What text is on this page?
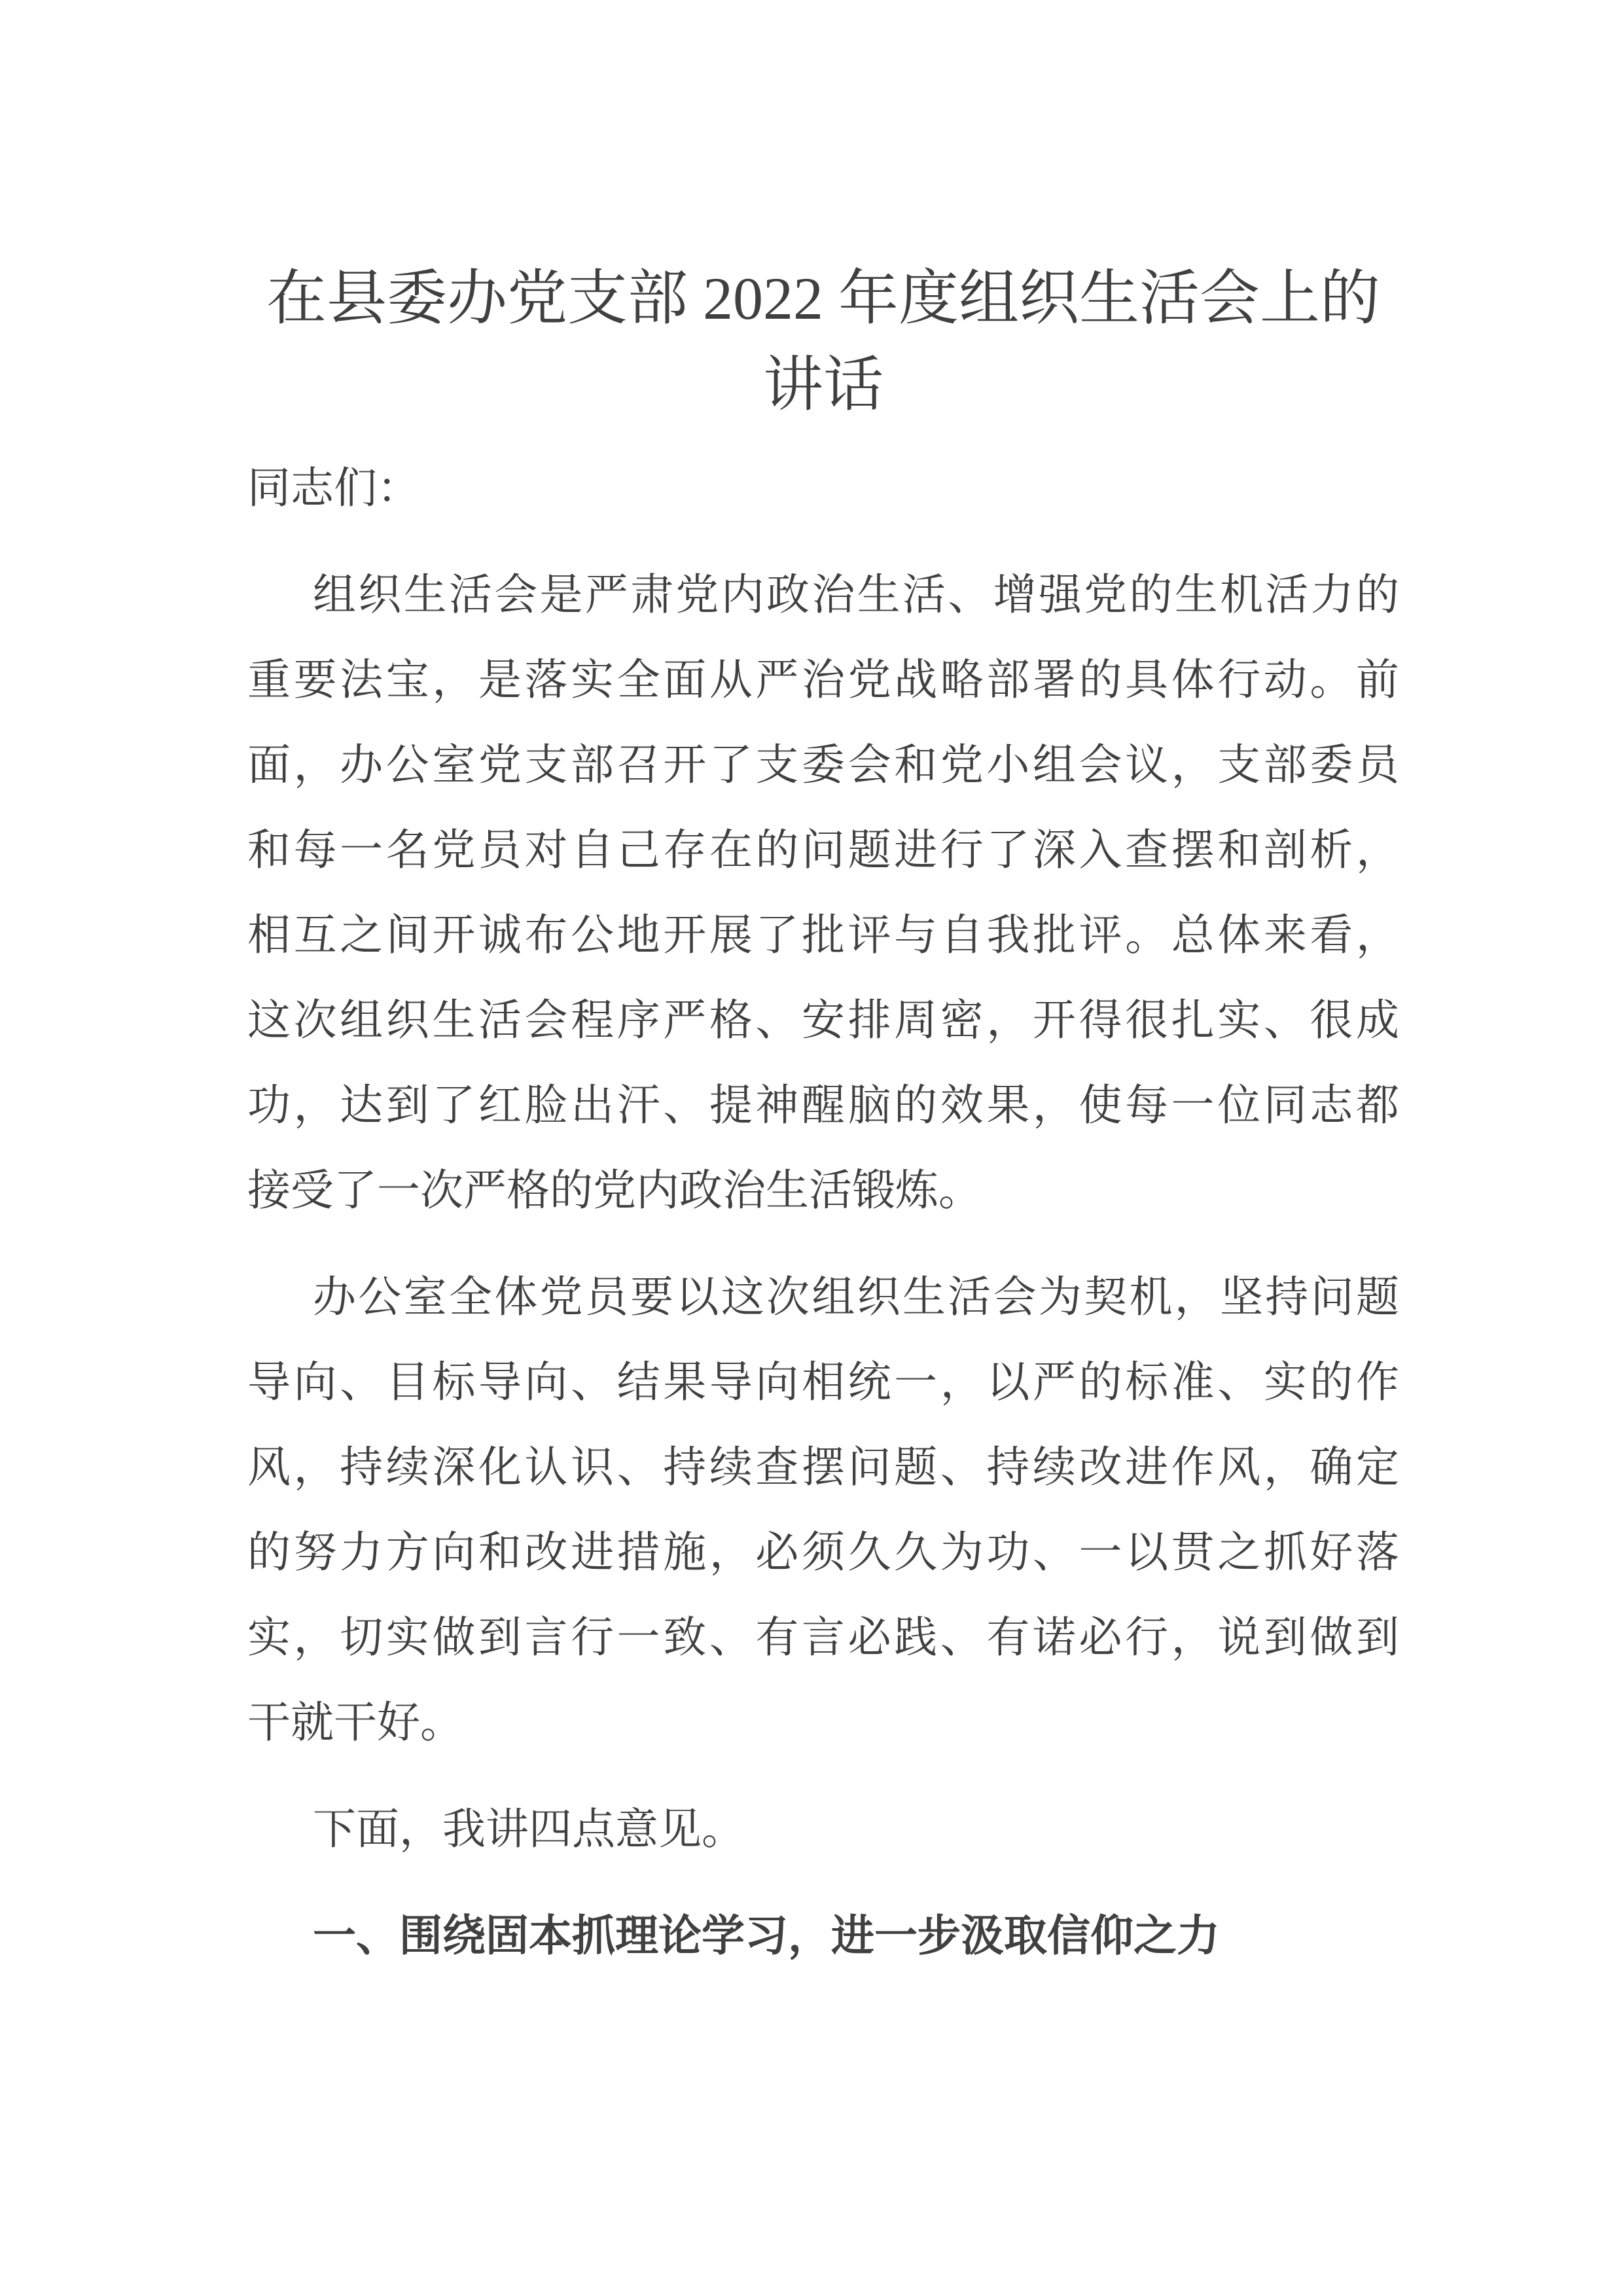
在县委办党支部 2022 年度组织生活会上的
讲话
同志们：
组织生活会是严肃党内政治生活、增强党的生机活力的
重要法宝，是落实全面从严治党战略部署的具体行动。前
面，办公室党支部召开了支委会和党小组会议，支部委员
和每一名党员对自己存在的问题进行了深入查摆和剖析，
相互之间开诚布公地开展了批评与自我批评。总体来看，
这次组织生活会程序严格、安排周密，开得很扎实、很成
功，达到了红脸出汗、提神醒脑的效果，使每一位同志都
接受了一次严格的党内政治生活锻炼。
办公室全体党员要以这次组织生活会为契机，坚持问题
导向、目标导向、结果导向相统一，以严的标准、实的作
风，持续深化认识、持续查摆问题、持续改进作风，确定
的努力方向和改进措施，必须久久为功、一以贯之抓好落
实，切实做到言行一致、有言必践、有诺必行，说到做到
干就干好。
下面，我讲四点意见。
一、围绕固本抓理论学习，进一步汲取信仰之力
